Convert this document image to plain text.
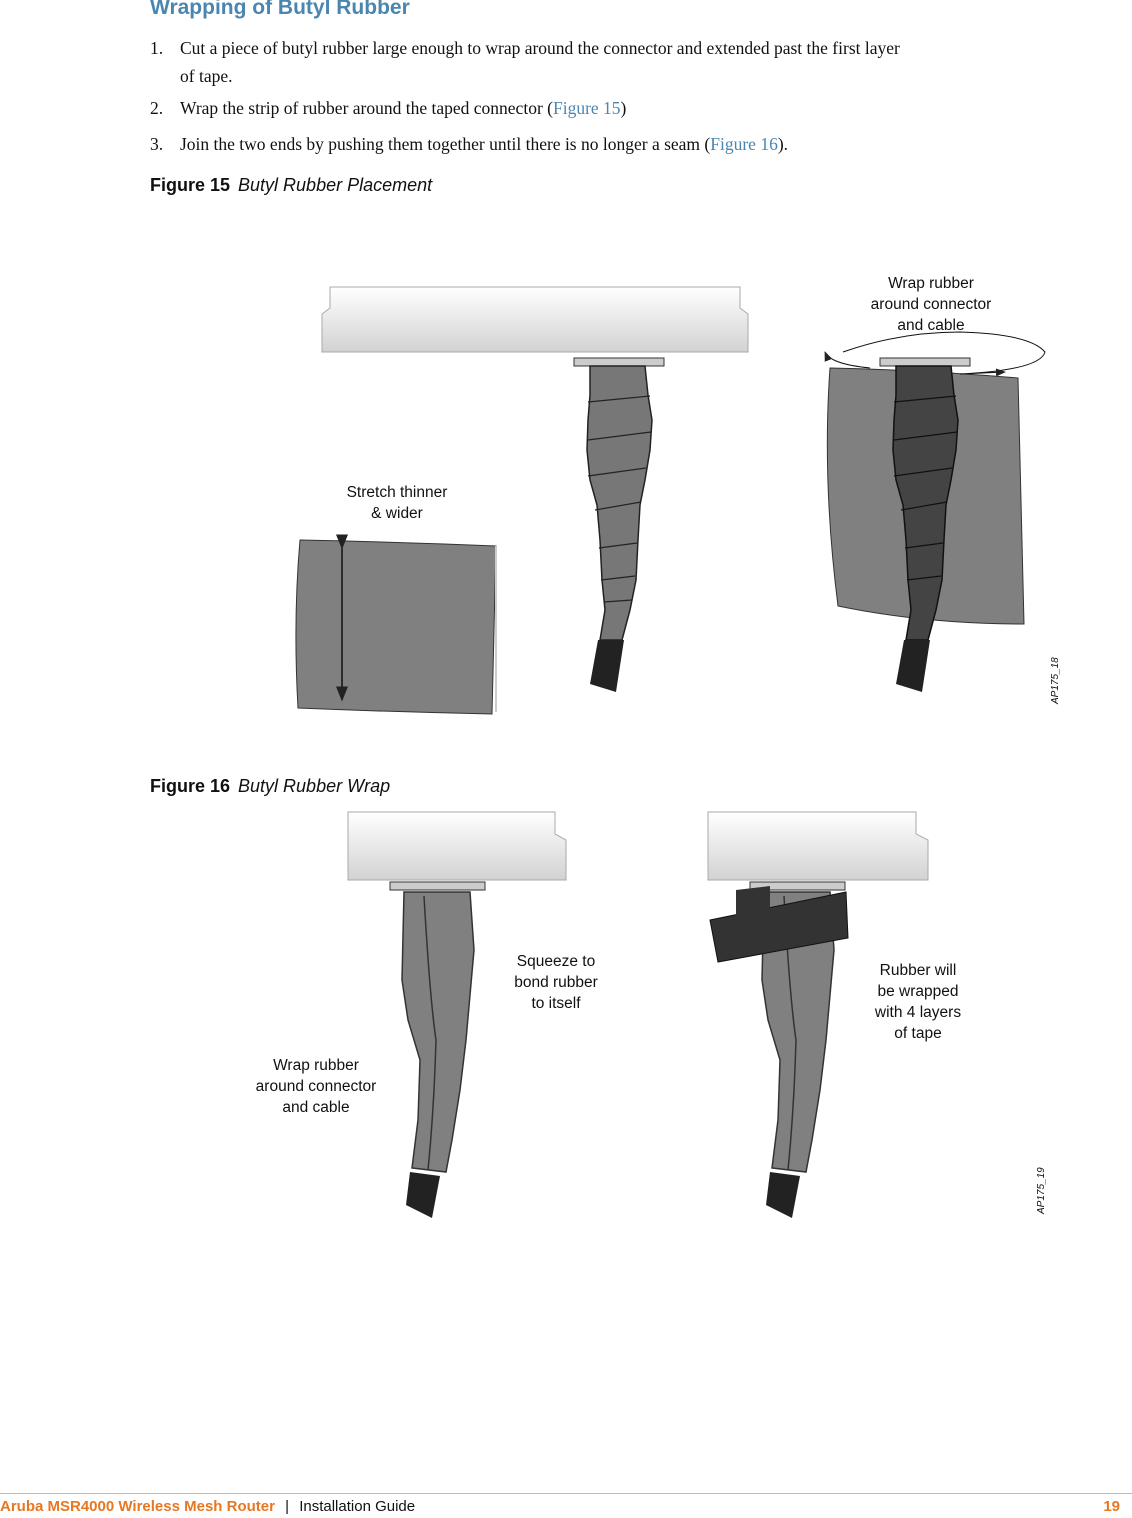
Wrapping of Butyl Rubber
1. Cut a piece of butyl rubber large enough to wrap around the connector and extended past the first layer
of tape.
2. Wrap the strip of rubber around the taped connector (Figure 15)
3. Join the two ends by pushing them together until there is no longer a seam (Figure 16).
Figure 15 Butyl Rubber Placement
Stretch thinner
& wider
Wrap rubber
around connector
and cable
AP175_18
Wrap rubber
around connector
and cable
Squeeze to
bond rubber
to itself
Rubber will
be wrapped
with 4 layers
of tape
AP175_19
Figure 16 Butyl Rubber Wrap
Aruba MSR4000 Wireless Mesh Router | Installation Guide	19
